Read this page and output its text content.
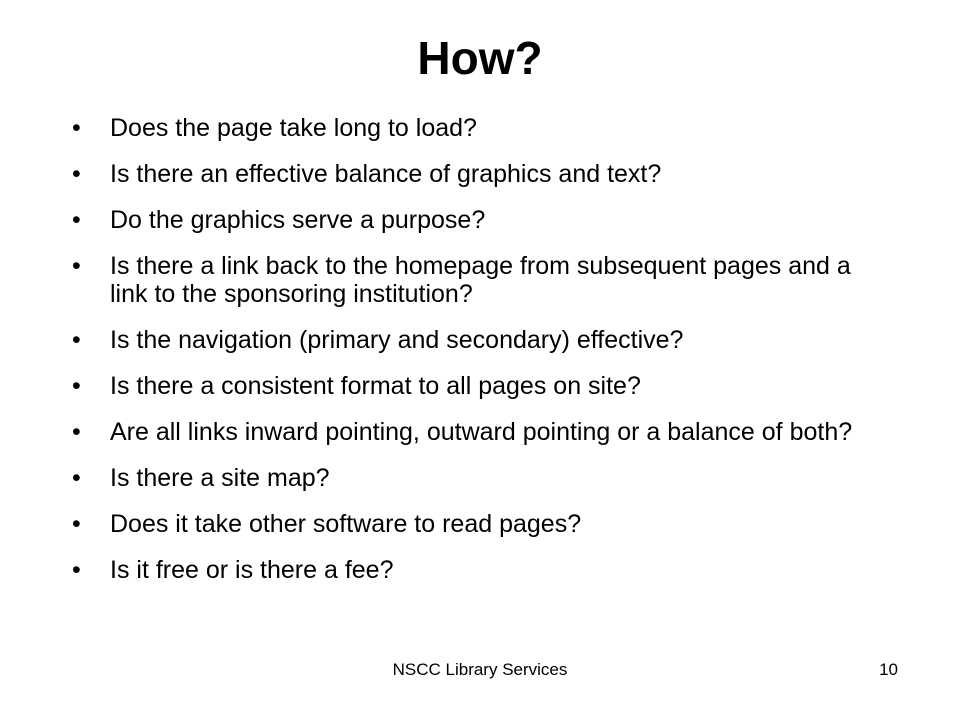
How?
• Does the page take long to load?
• Is there an effective balance of graphics and text?
• Do the graphics serve a purpose?
• Is there a link back to the homepage from subsequent pages and a link to the sponsoring institution?
• Is the navigation (primary and secondary) effective?
• Is there a consistent format to all pages on site?
• Are all links inward pointing, outward pointing or a balance of both?
• Is there a site map?
• Does it take other software to read pages?
• Is it free or is there a fee?
NSCC Library Services	10
